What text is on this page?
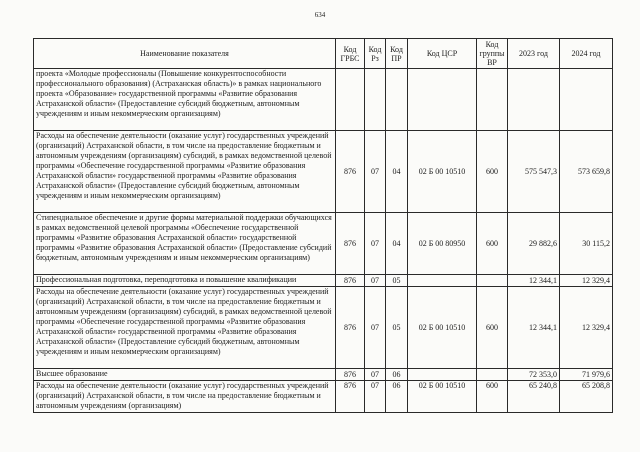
634
Наименование показателя	Код ГРБС	Код Рз	Код ПР	Код ЦСР	Код группы ВР	2023 год	2024 год
проекта «Молодые профессионалы (Повышение конкурентоспособности профессионального образования) (Астраханская область)» в рамках национального проекта «Образование» государственной программы «Развитие образования Астраханской области» (Предоставление субсидий бюджетным, автономным учреждениям и иным некоммерческим организациям)							
Расходы на обеспечение деятельности (оказание услуг) государственных учреждений (организаций) Астраханской области, в том числе на предоставление бюджетным и автономным учреждениям (организациям) субсидий, в рамках ведомственной целевой программы «Обеспечение государственной программы «Развитие образования Астраханской области» государственной программы «Развитие образования Астраханской области» (Предоставление субсидий бюджетным, автономным учреждениям и иным некоммерческим организациям)	876	07	04	02 Б 00 10510	600	575 547,3	573 659,8
Стипендиальное обеспечение и другие формы материальной поддержки обучающихся в рамках ведомственной целевой программы «Обеспечение государственной программы «Развитие образования Астраханской области» государственной программы «Развитие образования Астраханской области» (Предоставление субсидий бюджетным, автономным учреждениям и иным некоммерческим организациям)	876	07	04	02 Б 00 80950	600	29 882,6	30 115,2
Профессиональная подготовка, переподготовка и повышение квалификации	876	07	05			12 344,1	12 329,4
Расходы на обеспечение деятельности (оказание услуг) государственных учреждений (организаций) Астраханской области, в том числе на предоставление бюджетным и автономным учреждениям (организациям) субсидий, в рамках ведомственной целевой программы «Обеспечение государственной программы «Развитие образования Астраханской области» государственной программы «Развитие образования Астраханской области» (Предоставление субсидий бюджетным, автономным учреждениям и иным некоммерческим организациям)	876	07	05	02 Б 00 10510	600	12 344,1	12 329,4
Высшее образование	876	07	06			72 353,0	71 979,6
Расходы на обеспечение деятельности (оказание услуг) государственных учреждений (организаций) Астраханской области, в том числе на предоставление бюджетным и автономным учреждениям (организациям)	876	07	06	02 Б 00 10510	600	65 240,8	65 208,8
